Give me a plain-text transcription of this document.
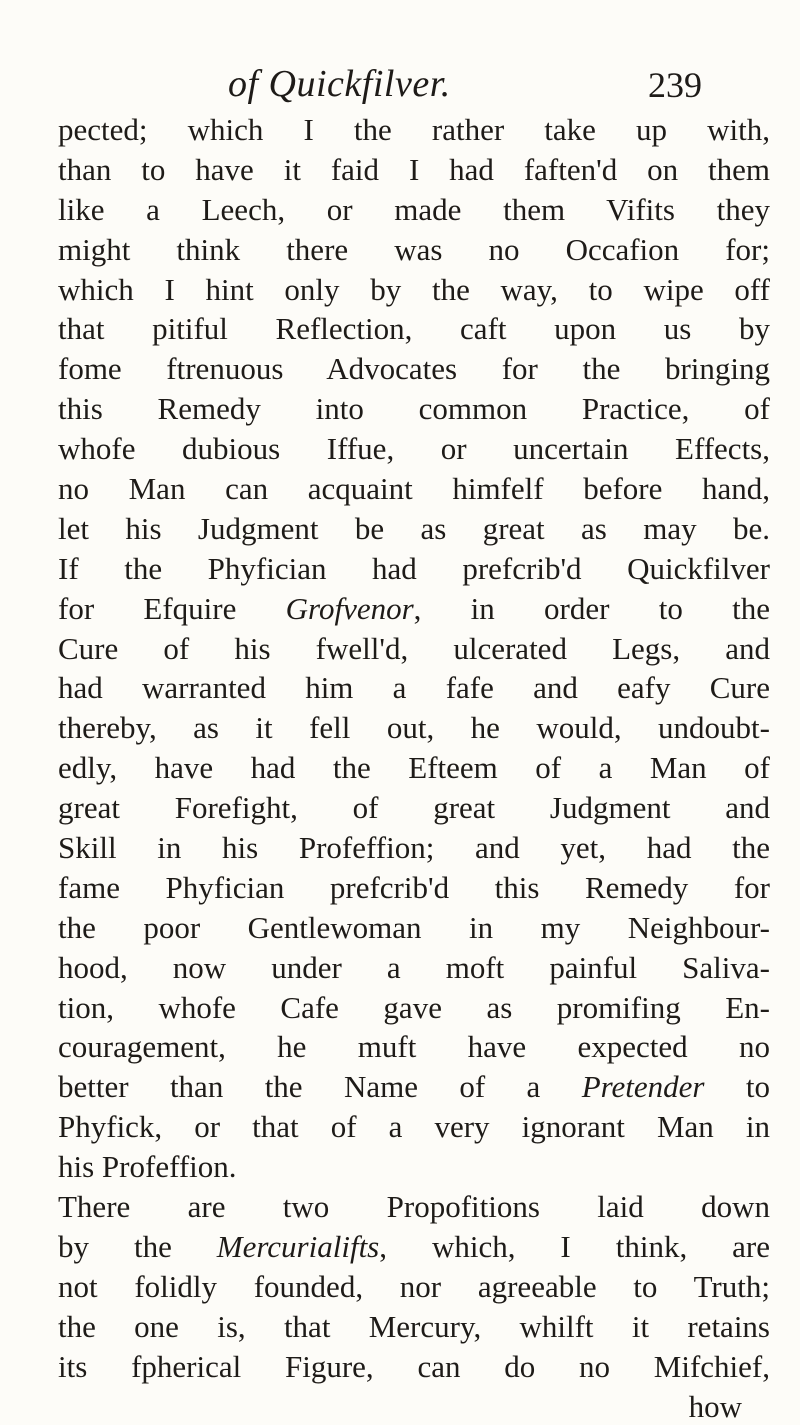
of Quickfilver.	239
pected; which I the rather take up with,
than to have it faid I had faften'd on them
like a Leech, or made them Vifits they
might think there was no Occafion for;
which I hint only by the way, to wipe off
that pitiful Reflection, caft upon us by
fome ftrenuous Advocates for the bringing
this Remedy into common Practice, of
whofe dubious Iffue, or uncertain Effects,
no Man can acquaint himfelf before hand,
let his Judgment be as great as may be.
If the Phyfician had prefcrib'd Quickfilver
for Efquire Grofvenor, in order to the
Cure of his fwell'd, ulcerated Legs, and
had warranted him a fafe and eafy Cure
thereby, as it fell out, he would, undoubt-
edly, have had the Efteem of a Man of
great Forefight, of great Judgment and
Skill in his Profeffion; and yet, had the
fame Phyfician prefcrib'd this Remedy for
the poor Gentlewoman in my Neighbour-
hood, now under a moft painful Saliva-
tion, whofe Cafe gave as promifing En-
couragement, he muft have expected no
better than the Name of a Pretender to
Phyfick, or that of a very ignorant Man in
his Profeffion.
There are two Propofitions laid down
by the Mercurialifts, which, I think, are
not folidly founded, nor agreeable to Truth;
the one is, that Mercury, whilft it retains
its fpherical Figure, can do no Mifchief,
how
